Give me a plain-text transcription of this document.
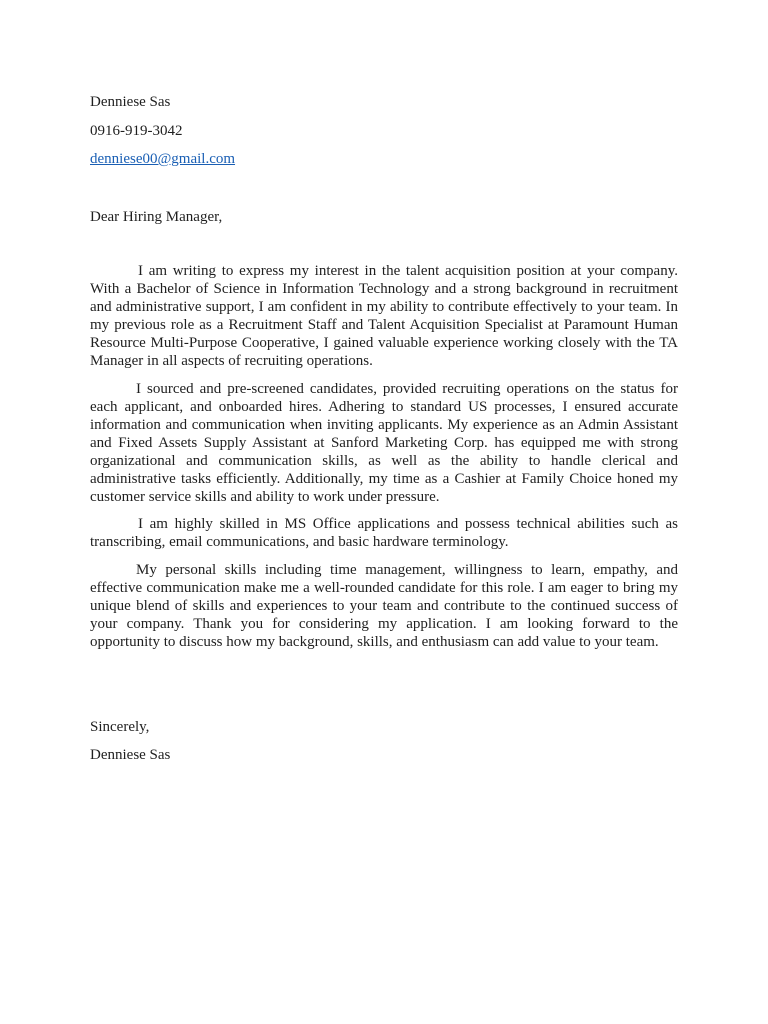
Denniese Sas

0916-919-3042

denniese00@gmail.com

Dear Hiring Manager,

I am writing to express my interest in the talent acquisition position at your company. With a Bachelor of Science in Information Technology and a strong background in recruitment and administrative support, I am confident in my ability to contribute effectively to your team. In my previous role as a Recruitment Staff and Talent Acquisition Specialist at Paramount Human Resource Multi-Purpose Cooperative, I gained valuable experience working closely with the TA Manager in all aspects of recruiting operations.

I sourced and pre-screened candidates, provided recruiting operations on the status for each applicant, and onboarded hires. Adhering to standard US processes, I ensured accurate information and communication when inviting applicants. My experience as an Admin Assistant and Fixed Assets Supply Assistant at Sanford Marketing Corp. has equipped me with strong organizational and communication skills, as well as the ability to handle clerical and administrative tasks efficiently. Additionally, my time as a Cashier at Family Choice honed my customer service skills and ability to work under pressure.

I am highly skilled in MS Office applications and possess technical abilities such as transcribing, email communications, and basic hardware terminology.

My personal skills including time management, willingness to learn, empathy, and effective communication make me a well-rounded candidate for this role. I am eager to bring my unique blend of skills and experiences to your team and contribute to the continued success of your company. Thank you for considering my application. I am looking forward to the opportunity to discuss how my background, skills, and enthusiasm can add value to your team.

Sincerely,

Denniese Sas
